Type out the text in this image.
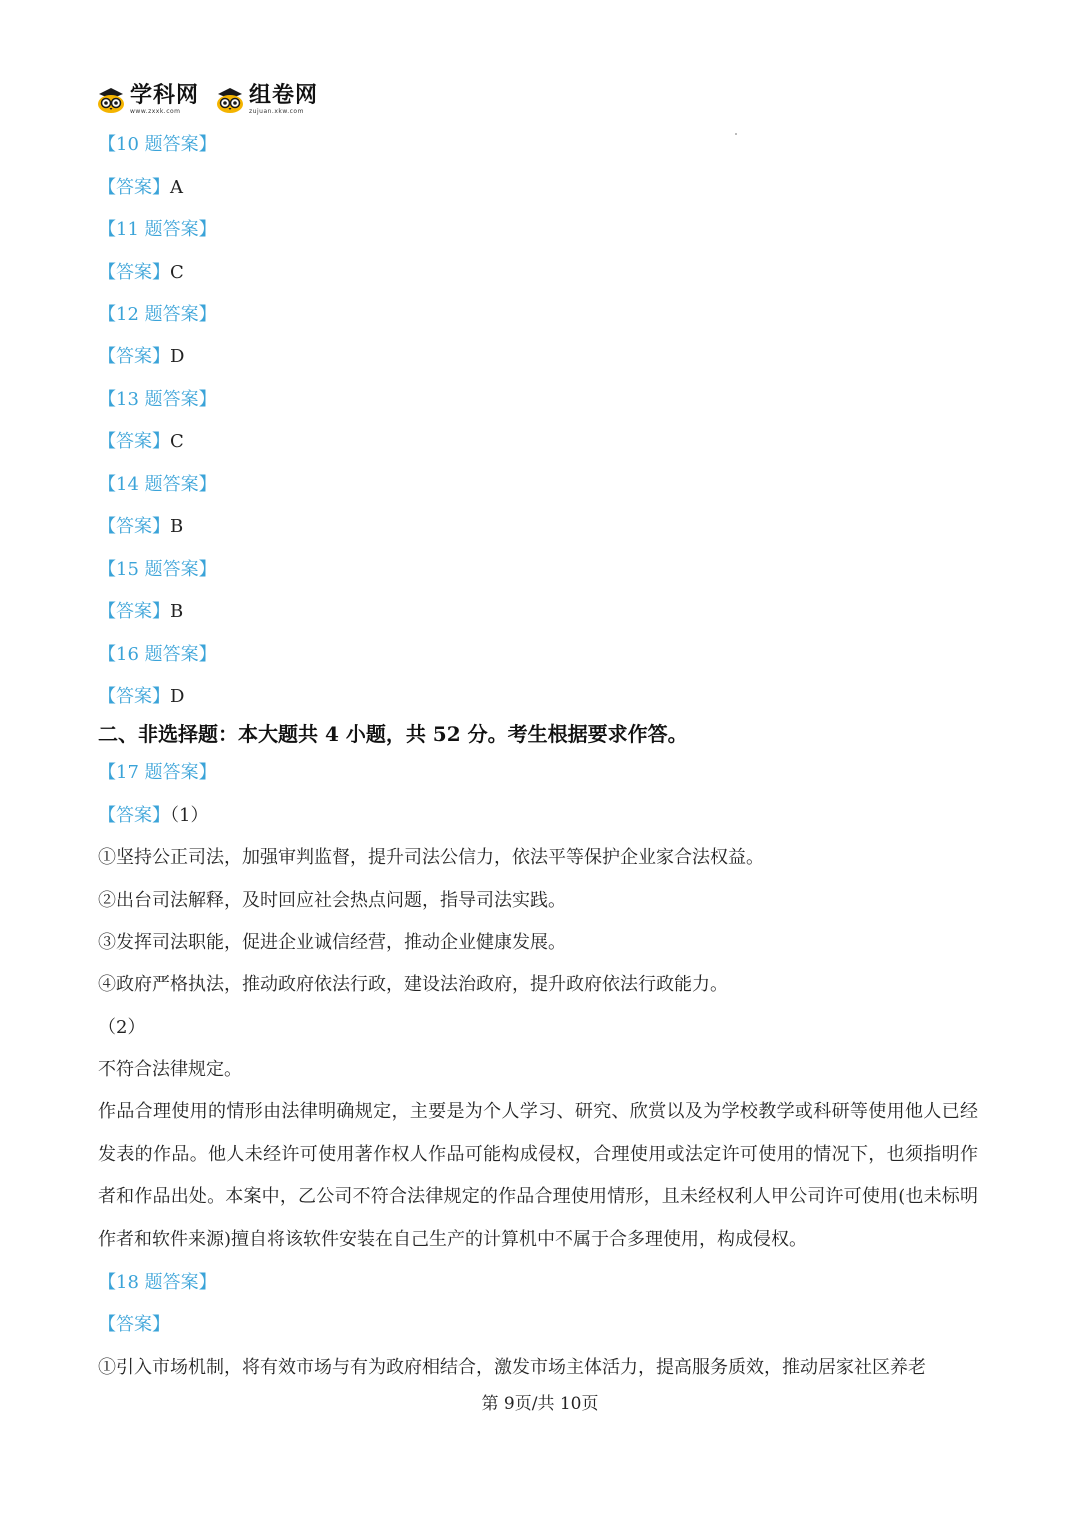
学科网
www.zxxk.com
组卷网
zujuan.xkw.com
【10 题答案】
【答案】A
【11 题答案】
【答案】C
【12 题答案】
【答案】D
【13 题答案】
【答案】C
【14 题答案】
【答案】B
【15 题答案】
【答案】B
【16 题答案】
【答案】D
二、非选择题：本大题共 4 小题，共 52 分。考生根据要求作答。
【17 题答案】
【答案】（1）
①坚持公正司法，加强审判监督，提升司法公信力，依法平等保护企业家合法权益。
②出台司法解释，及时回应社会热点问题，指导司法实践。
③发挥司法职能，促进企业诚信经营，推动企业健康发展。
④政府严格执法，推动政府依法行政，建设法治政府，提升政府依法行政能力。
（2）
不符合法律规定。
作品合理使用的情形由法律明确规定，主要是为个人学习、研究、欣赏以及为学校教学或科研等使用他人已经发表的作品。他人未经许可使用著作权人作品可能构成侵权，合理使用或法定许可使用的情况下，也须指明作者和作品出处。本案中，乙公司不符合法律规定的作品合理使用情形，且未经权利人甲公司许可使用(也未标明作者和软件来源)擅自将该软件安装在自己生产的计算机中不属于合多理使用，构成侵权。
【18 题答案】
【答案】
①引入市场机制，将有效市场与有为政府相结合，激发市场主体活力，提高服务质效，推动居家社区养老
第 9页/共 10页
